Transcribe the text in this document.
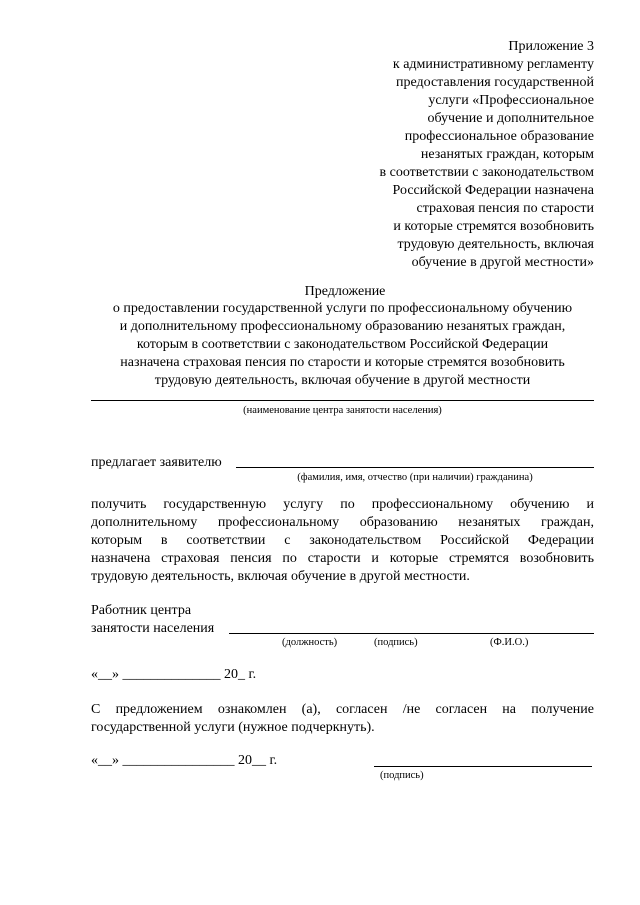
Приложение 3
к административному регламенту
предоставления государственной
услуги «Профессиональное
обучение и дополнительное
профессиональное образование
незанятых граждан, которым
в соответствии с законодательством
Российской Федерации назначена
страховая пенсия по старости
и которые стремятся возобновить
трудовую деятельность, включая
обучение в другой местности»
Предложение
о предоставлении государственной услуги по профессиональному обучению
и дополнительному профессиональному образованию незанятых граждан,
которым в соответствии с законодательством Российской Федерации
назначена страховая пенсия по старости и которые стремятся возобновить
трудовую деятельность, включая обучение в другой местности
(наименование центра занятости населения)
предлагает заявителю
(фамилия, имя, отчество (при наличии) гражданина)
получить государственную услугу по профессиональному обучению и
дополнительному профессиональному образованию незанятых граждан,
которым в соответствии с законодательством Российской Федерации
назначена страховая пенсия по старости и которые стремятся возобновить
трудовую деятельность, включая обучение в другой местности.
Работник центра
занятости населения
(должность)	(подпись)	(Ф.И.О.)
«__» ______________ 20_ г.
С предложением ознакомлен (а), согласен /не согласен на получение
государственной услуги (нужное подчеркнуть).
«__» ________________ 20__ г.
(подпись)
